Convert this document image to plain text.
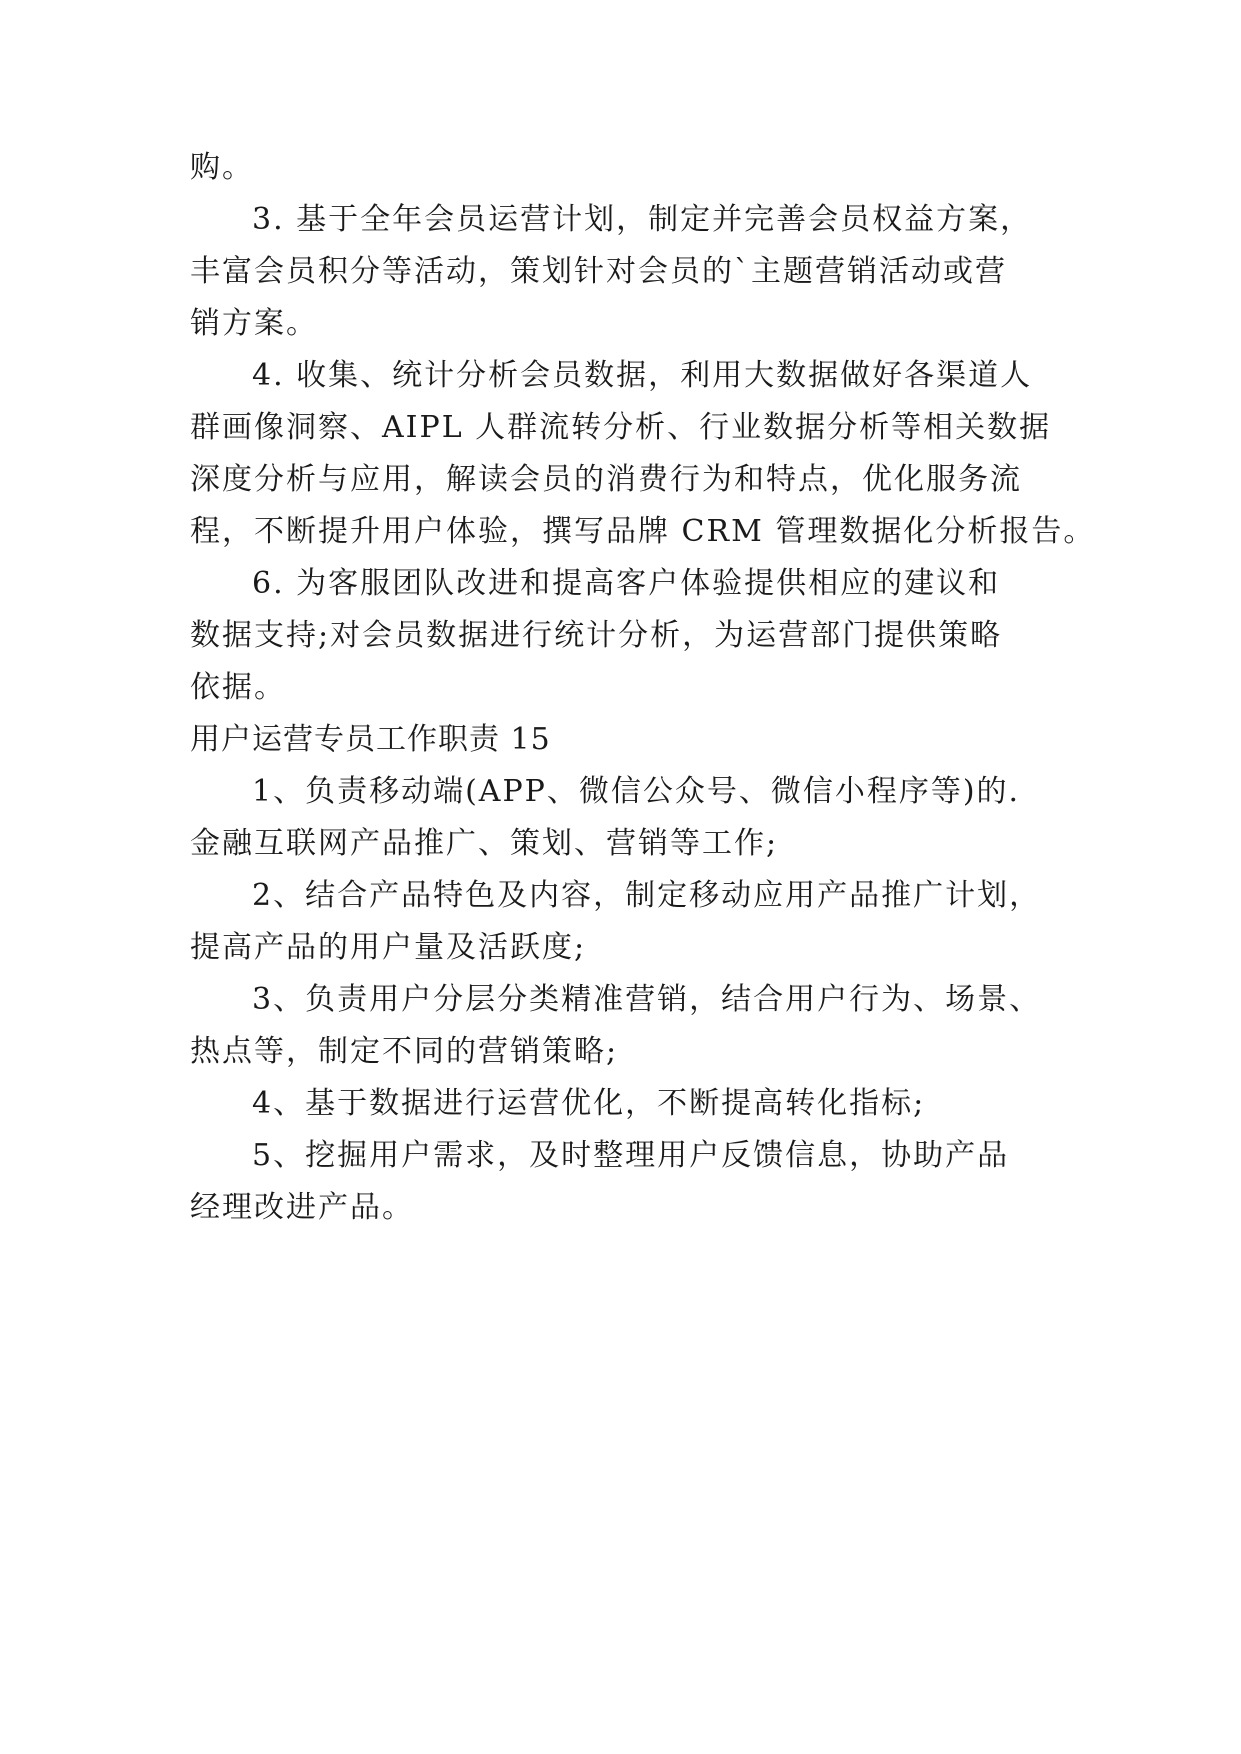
购。

3. 基于全年会员运营计划，制定并完善会员权益方案，

丰富会员积分等活动，策划针对会员的`主题营销活动或营

销方案。

4. 收集、统计分析会员数据，利用大数据做好各渠道人

群画像洞察、AIPL 人群流转分析、行业数据分析等相关数据

深度分析与应用，解读会员的消费行为和特点，优化服务流

程，不断提升用户体验，撰写品牌 CRM 管理数据化分析报告。

6. 为客服团队改进和提高客户体验提供相应的建议和

数据支持;对会员数据进行统计分析，为运营部门提供策略

依据。

用户运营专员工作职责 15

1、负责移动端(APP、微信公众号、微信小程序等)的.

金融互联网产品推广、策划、营销等工作;

2、结合产品特色及内容，制定移动应用产品推广计划，

提高产品的用户量及活跃度;

3、负责用户分层分类精准营销，结合用户行为、场景、

热点等，制定不同的营销策略;

4、基于数据进行运营优化，不断提高转化指标;

5、挖掘用户需求，及时整理用户反馈信息，协助产品

经理改进产品。
